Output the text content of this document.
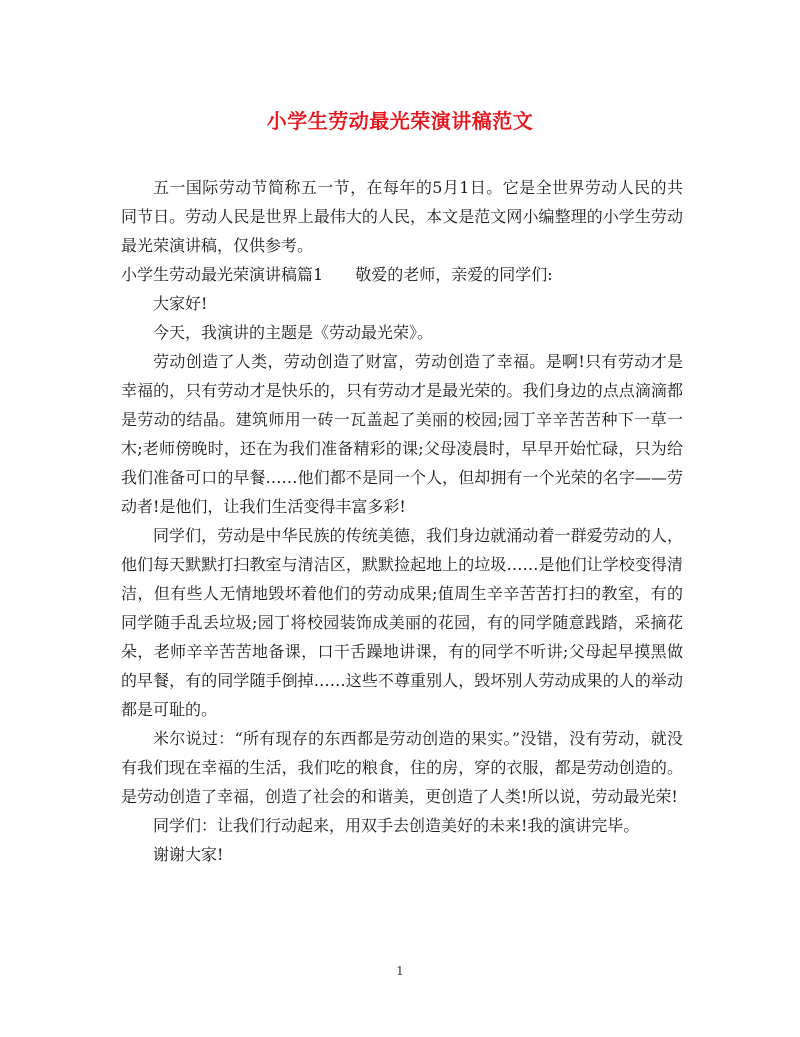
小学生劳动最光荣演讲稿范文

五一国际劳动节简称五一节，在每年的5月1日。它是全世界劳动人民的共同节日。劳动人民是世界上最伟大的人民，本文是范文网小编整理的小学生劳动最光荣演讲稿，仅供参考。

小学生劳动最光荣演讲稿篇1 敬爱的老师，亲爱的同学们:

大家好!

今天，我演讲的主题是《劳动最光荣》。

劳动创造了人类，劳动创造了财富，劳动创造了幸福。是啊!只有劳动才是幸福的，只有劳动才是快乐的，只有劳动才是最光荣的。我们身边的点点滴滴都是劳动的结晶。建筑师用一砖一瓦盖起了美丽的校园;园丁辛辛苦苦种下一草一木;老师傍晚时，还在为我们准备精彩的课;父母凌晨时，早早开始忙碌，只为给我们准备可口的早餐……他们都不是同一个人，但却拥有一个光荣的名字——劳动者!是他们，让我们生活变得丰富多彩!

同学们，劳动是中华民族的传统美德，我们身边就涌动着一群爱劳动的人，他们每天默默打扫教室与清洁区，默默捡起地上的垃圾……是他们让学校变得清洁，但有些人无情地毁坏着他们的劳动成果;值周生辛辛苦苦打扫的教室，有的同学随手乱丢垃圾;园丁将校园装饰成美丽的花园，有的同学随意践踏，采摘花朵，老师辛辛苦苦地备课，口干舌躁地讲课，有的同学不听讲;父母起早摸黑做的早餐，有的同学随手倒掉……这些不尊重别人，毁坏别人劳动成果的人的举动都是可耻的。

米尔说过：“所有现存的东西都是劳动创造的果实。”没错，没有劳动，就没有我们现在幸福的生活，我们吃的粮食，住的房，穿的衣服，都是劳动创造的。是劳动创造了幸福，创造了社会的和谐美，更创造了人类!所以说，劳动最光荣!

同学们：让我们行动起来，用双手去创造美好的未来!我的演讲完毕。

谢谢大家!

1
